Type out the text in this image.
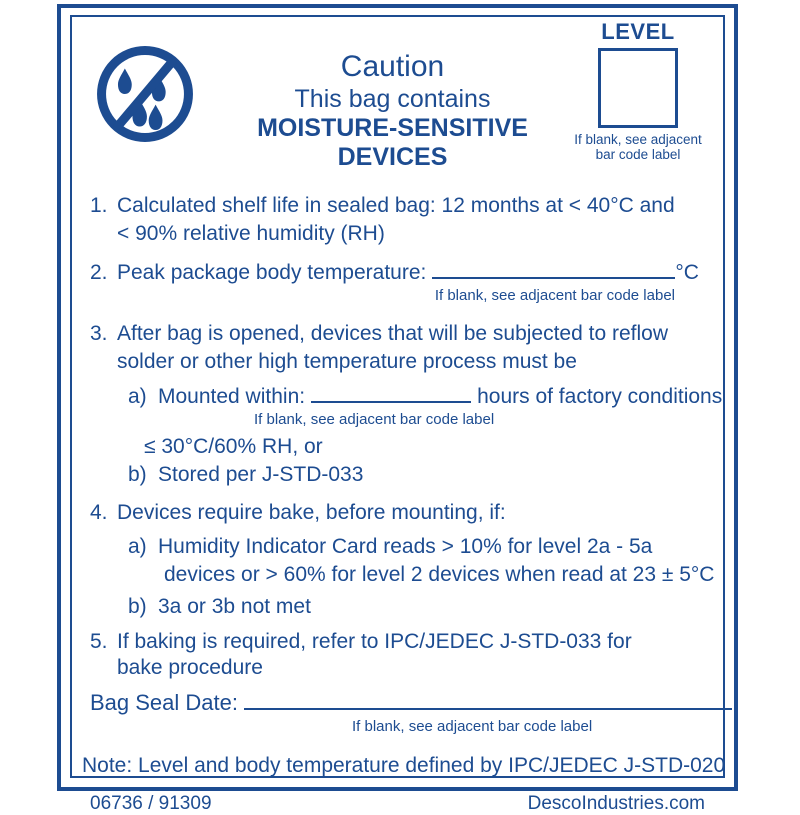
Caution
This bag contains
MOISTURE-SENSITIVE DEVICES
LEVEL
If blank, see adjacent
bar code label
1. Calculated shelf life in sealed bag: 12 months at < 40°C and
< 90% relative humidity (RH)
2. Peak package body temperature:	°C
If blank, see adjacent bar code label
3. After bag is opened, devices that will be subjected to reflow
solder or other high temperature process must be
a) Mounted within:	hours of factory conditions
If blank, see adjacent bar code label
≤ 30°C/60% RH, or
b) Stored per J-STD-033
4. Devices require bake, before mounting, if:
a) Humidity Indicator Card reads > 10% for level 2a - 5a
devices or > 60% for level 2 devices when read at 23 ± 5°C
b) 3a or 3b not met
5. If baking is required, refer to IPC/JEDEC J-STD-033 for
bake procedure
Bag Seal Date:
If blank, see adjacent bar code label
Note: Level and body temperature defined by IPC/JEDEC J-STD-020
06736 / 91309	DescoIndustries.com
